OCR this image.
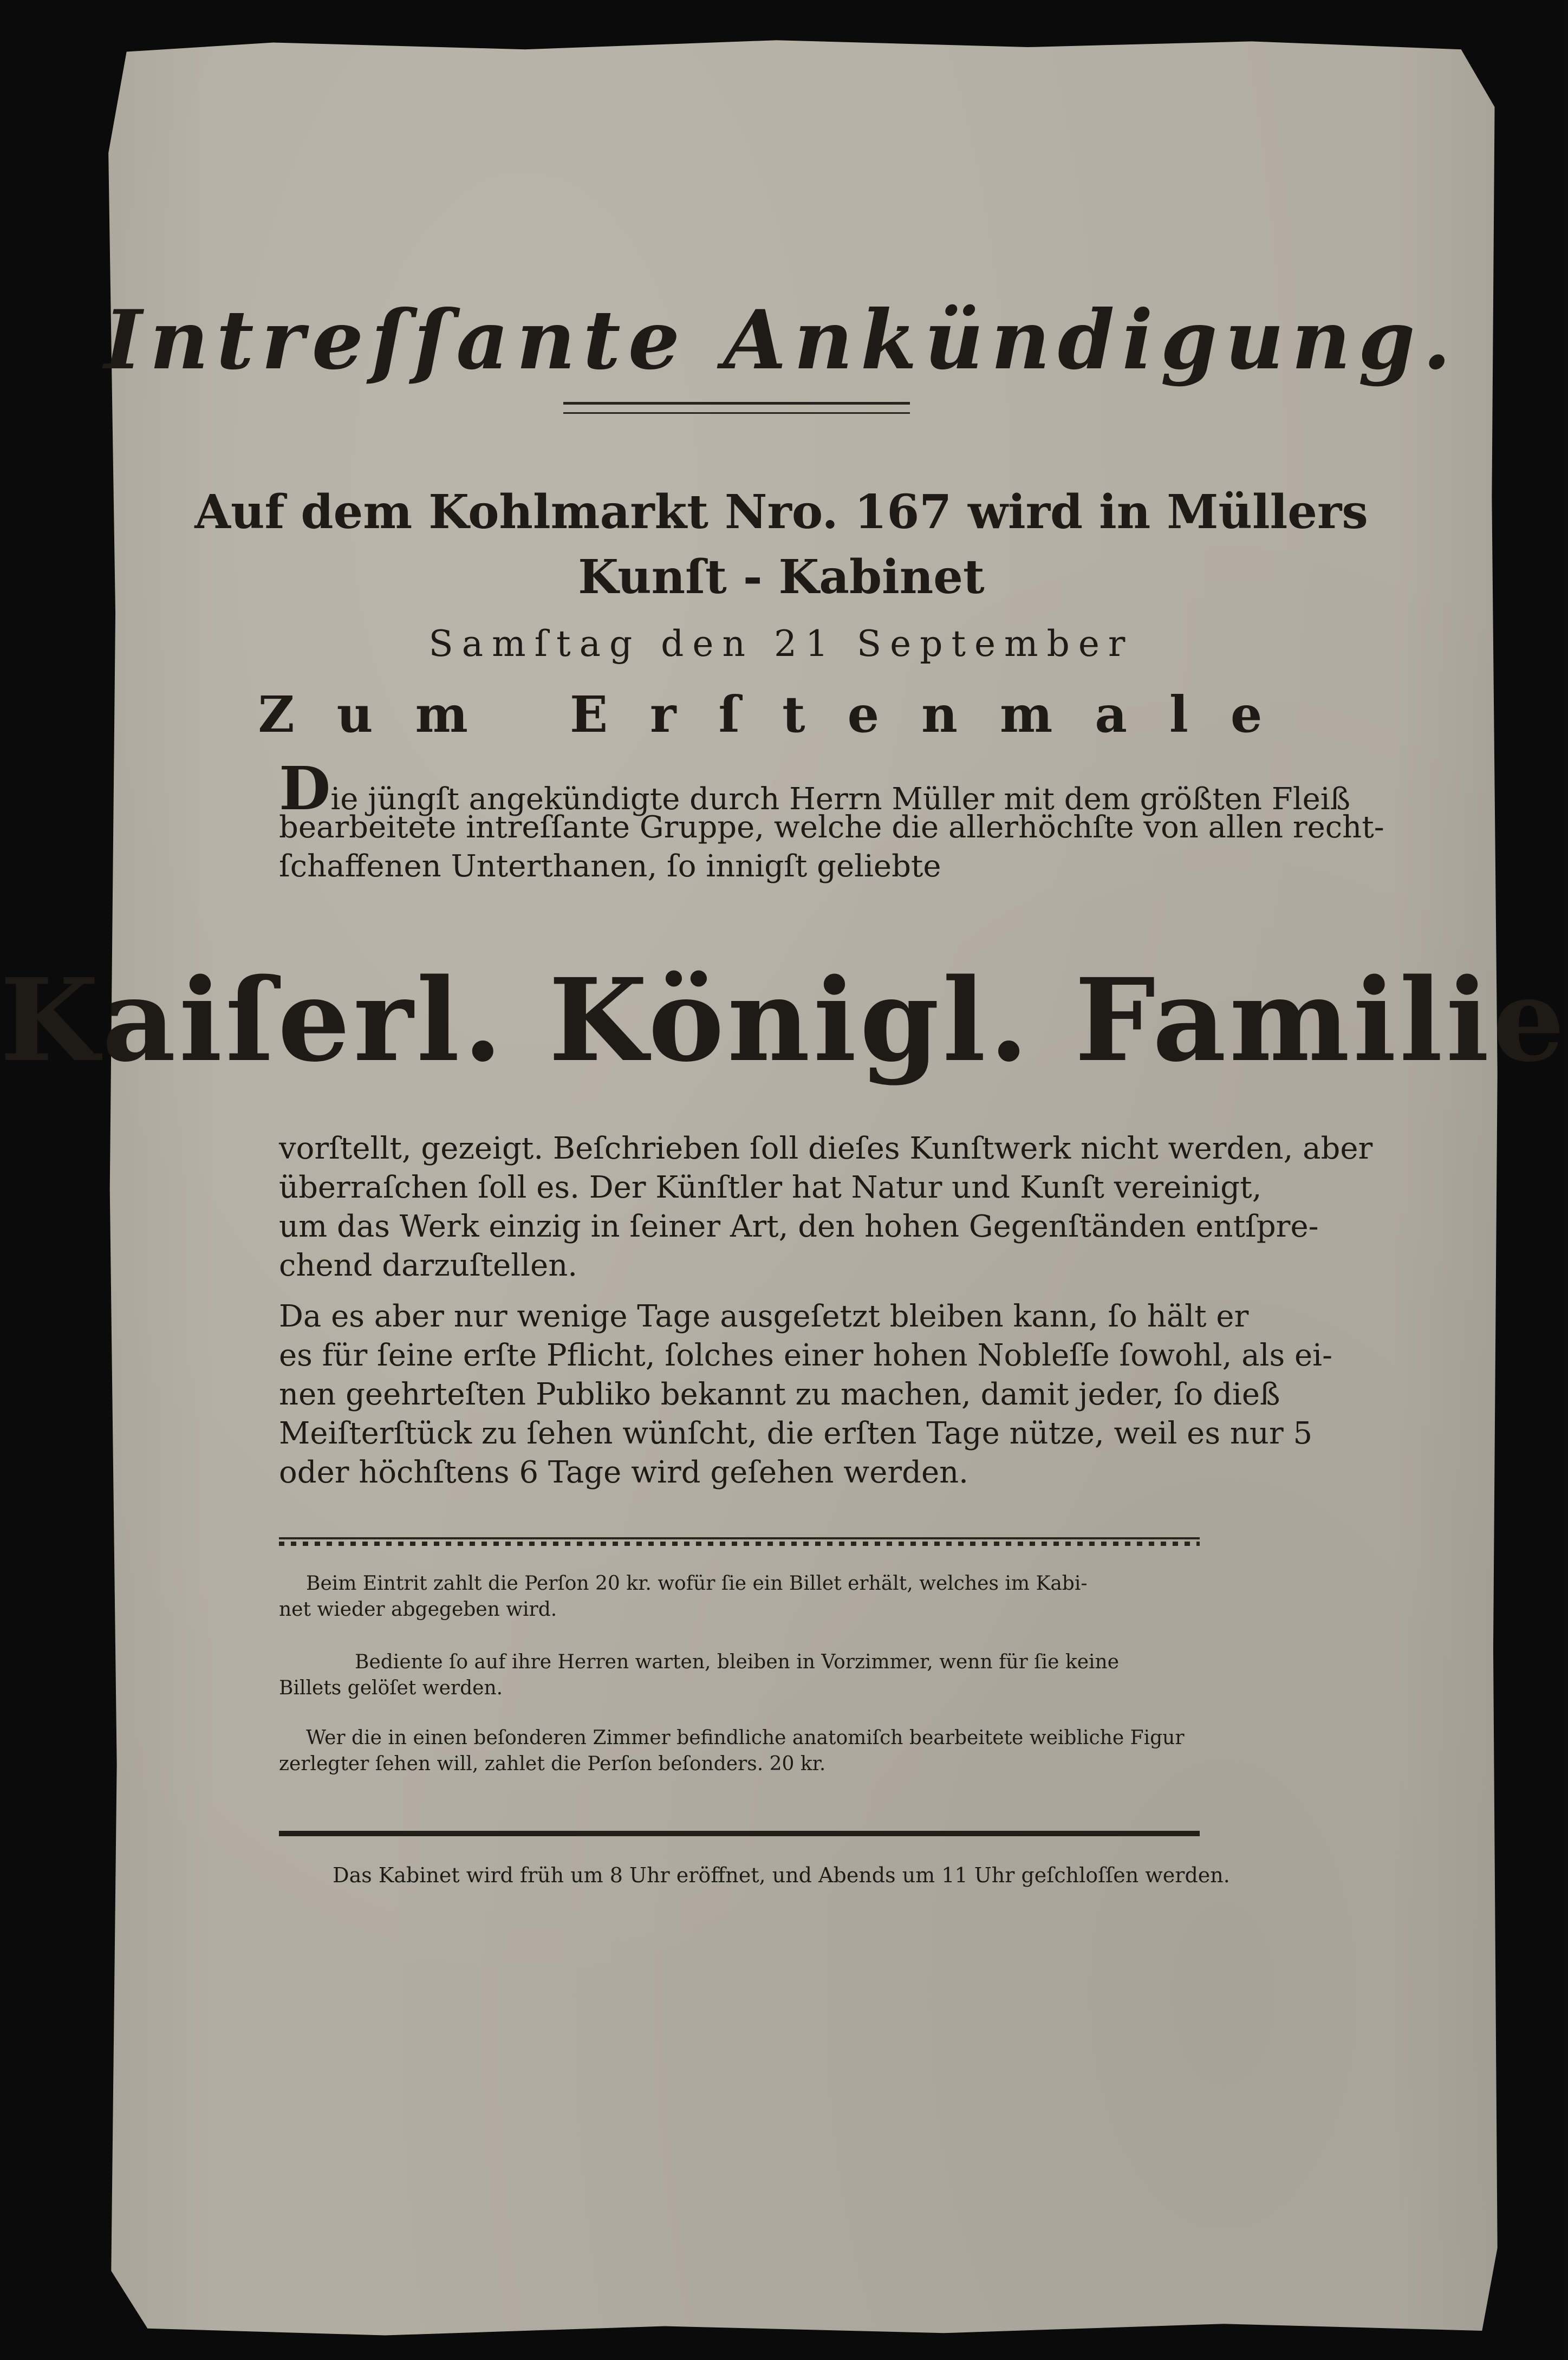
Intreſſante Ankündigung.
Auf dem Kohlmarkt Nro. 167 wird in Müllers
Kunſt - Kabinet
Samſtag den 21 September
Zum Erſtenmale
Die jüngſt angekündigte durch Herrn Müller mit dem größten Fleiß
bearbeitete intreſſante Gruppe, welche die allerhöchſte von allen recht-
ſchaffenen Unterthanen, ſo innigſt geliebte
Kaiſerl. Königl. Familie
vorſtellt, gezeigt. Beſchrieben ſoll dieſes Kunſtwerk nicht werden, aber
überraſchen ſoll es. Der Künſtler hat Natur und Kunſt vereinigt,
um das Werk einzig in ſeiner Art, den hohen Gegenſtänden entſpre-
chend darzuſtellen.
Da es aber nur wenige Tage ausgeſetzt bleiben kann, ſo hält er
es für ſeine erſte Pflicht, ſolches einer hohen Nobleſſe ſowohl, als ei-
nen geehrteſten Publiko bekannt zu machen, damit jeder, ſo dieß
Meiſterſtück zu ſehen wünſcht, die erſten Tage nütze, weil es nur 5
oder höchſtens 6 Tage wird geſehen werden.
Beim Eintrit zahlt die Perſon 20 kr. wofür ſie ein Billet erhält, welches im Kabi-
net wieder abgegeben wird.
Bediente ſo auf ihre Herren warten, bleiben in Vorzimmer, wenn für ſie keine
Billets gelöſet werden.
Wer die in einen beſonderen Zimmer befindliche anatomiſch bearbeitete weibliche Figur
zerlegter ſehen will, zahlet die Perſon beſonders. 20 kr.
Das Kabinet wird früh um 8 Uhr eröffnet, und Abends um 11 Uhr geſchloſſen werden.
